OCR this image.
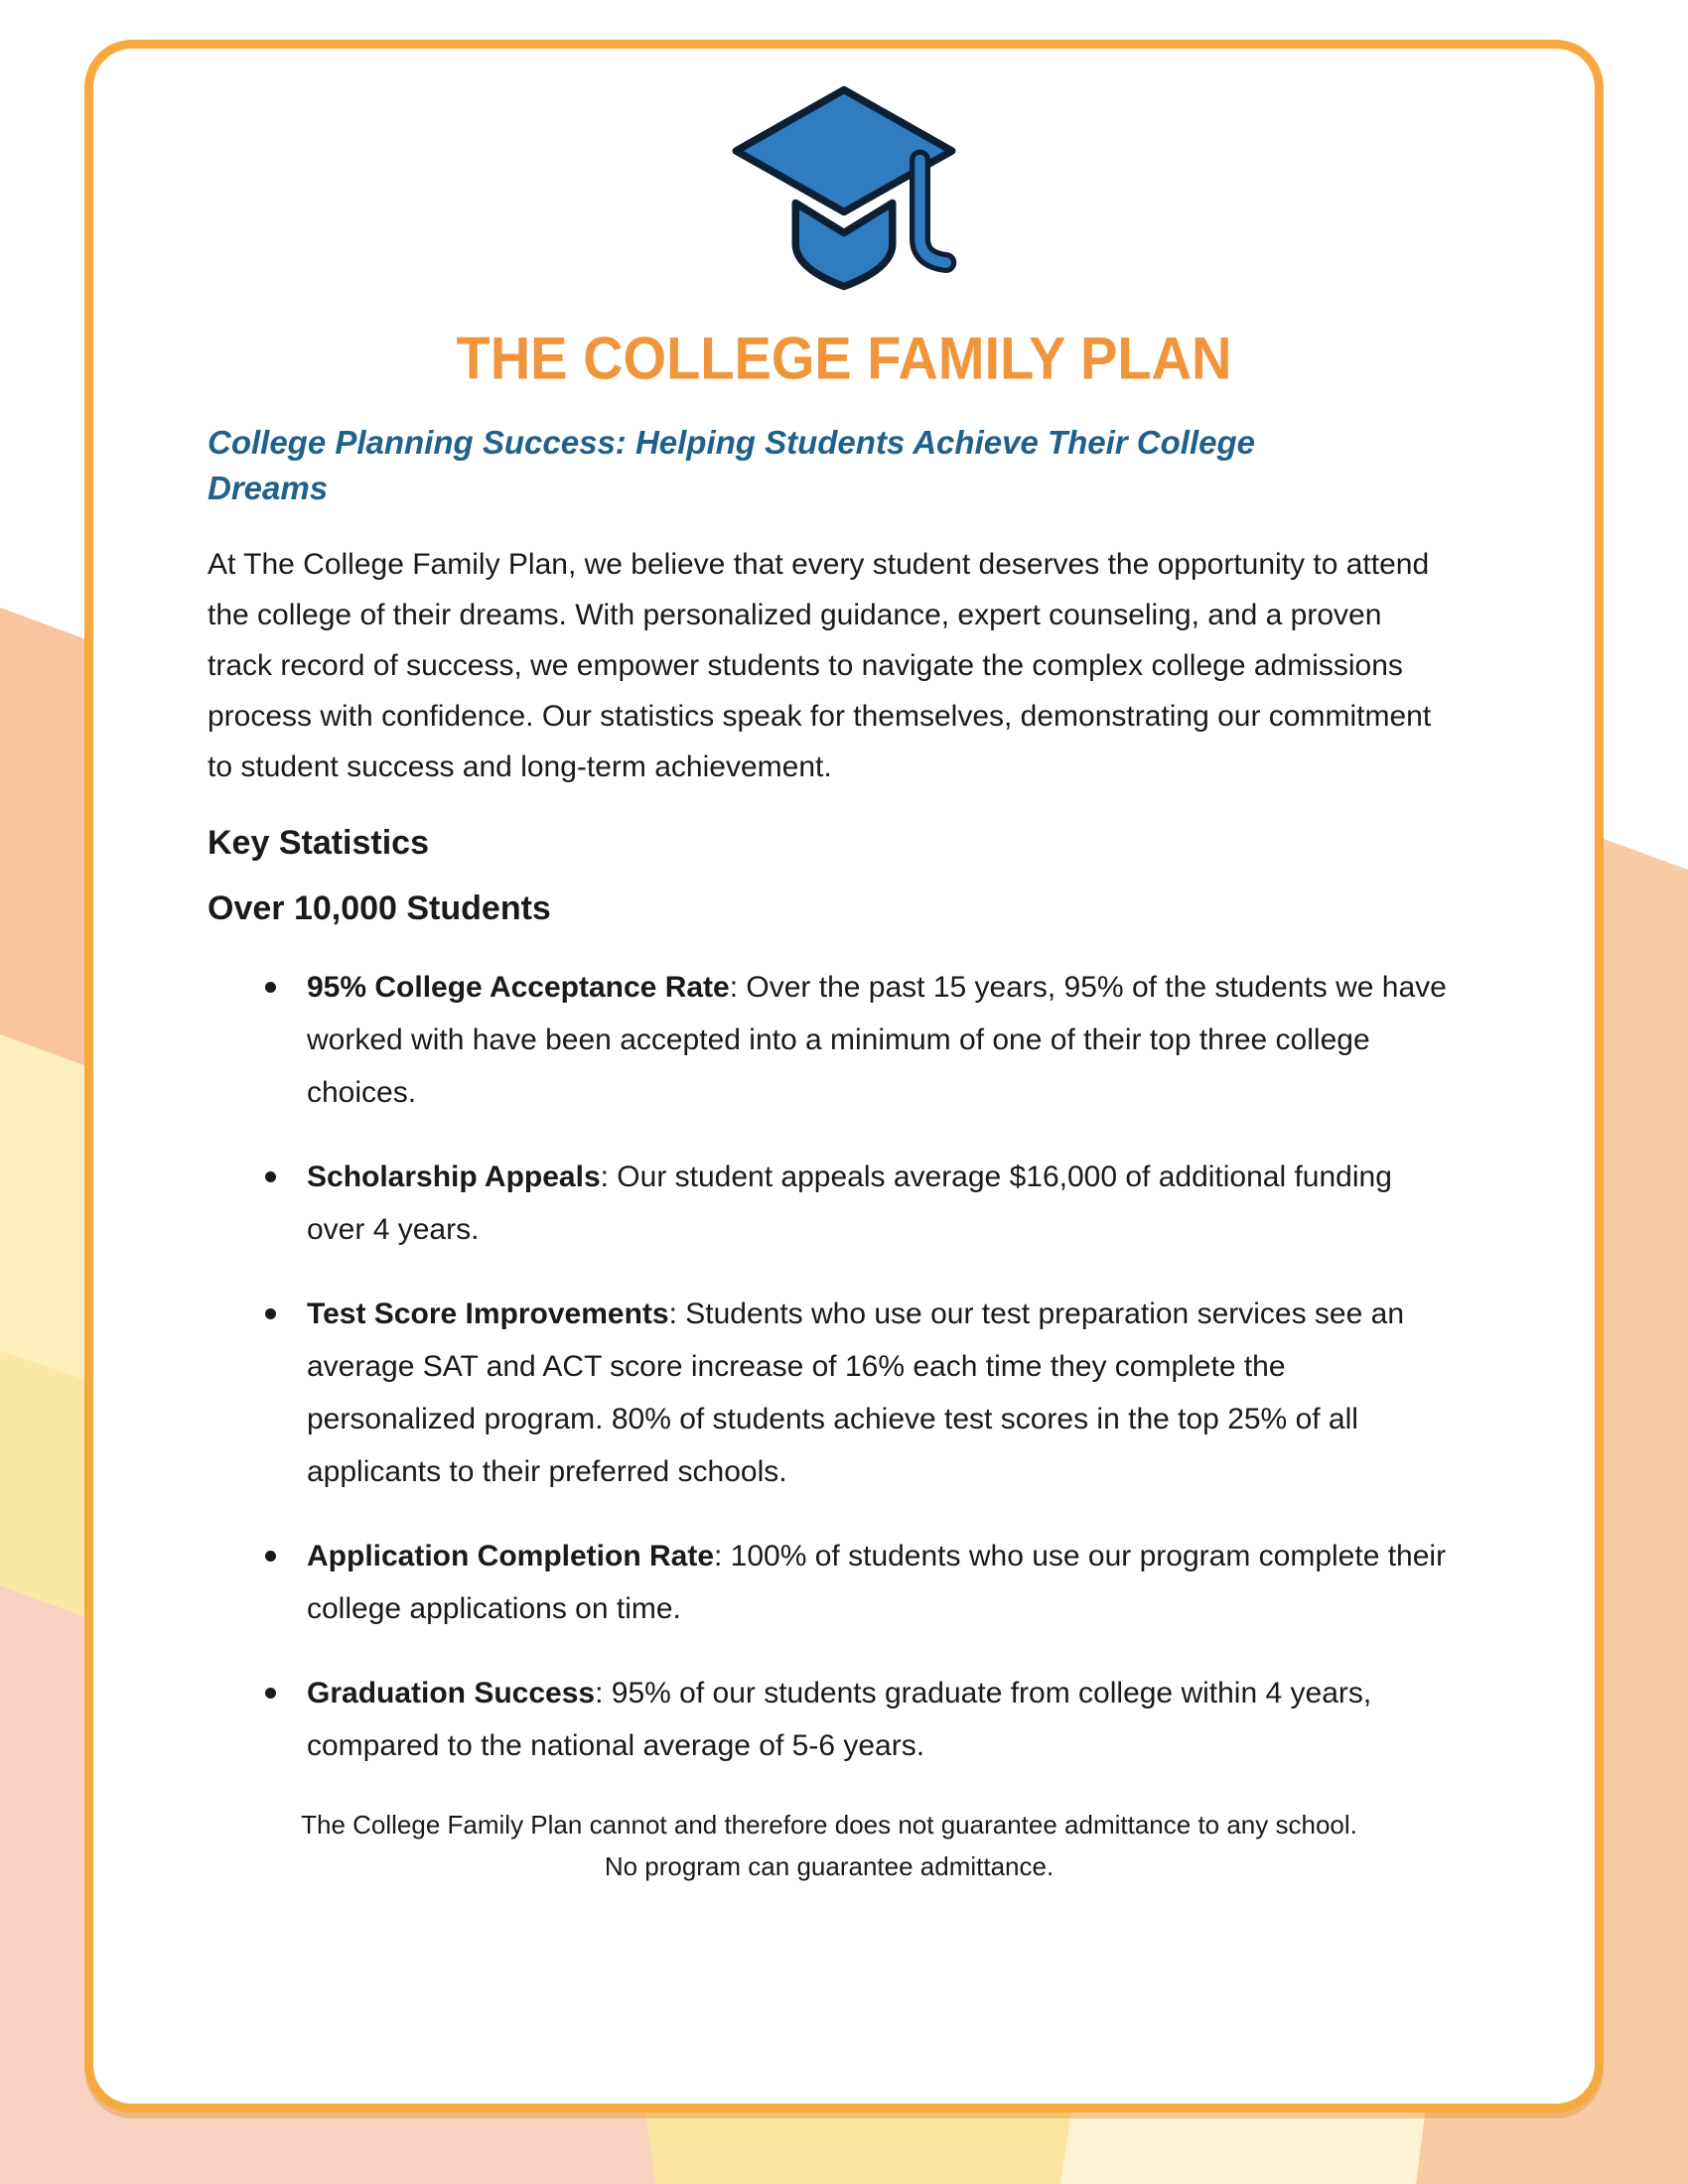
THE COLLEGE FAMILY PLAN

College Planning Success: Helping Students Achieve Their College Dreams

At The College Family Plan, we believe that every student deserves the opportunity to attend the college of their dreams. With personalized guidance, expert counseling, and a proven track record of success, we empower students to navigate the complex college admissions process with confidence. Our statistics speak for themselves, demonstrating our commitment to student success and long-term achievement.

Key Statistics

Over 10,000 Students

95% College Acceptance Rate: Over the past 15 years, 95% of the students we have worked with have been accepted into a minimum of one of their top three college choices.
Scholarship Appeals: Our student appeals average $16,000 of additional funding over 4 years.
Test Score Improvements: Students who use our test preparation services see an average SAT and ACT score increase of 16% each time they complete the personalized program. 80% of students achieve test scores in the top 25% of all applicants to their preferred schools.
Application Completion Rate: 100% of students who use our program complete their college applications on time.
Graduation Success: 95% of our students graduate from college within 4 years, compared to the national average of 5-6 years.

The College Family Plan cannot and therefore does not guarantee admittance to any school.
No program can guarantee admittance.
